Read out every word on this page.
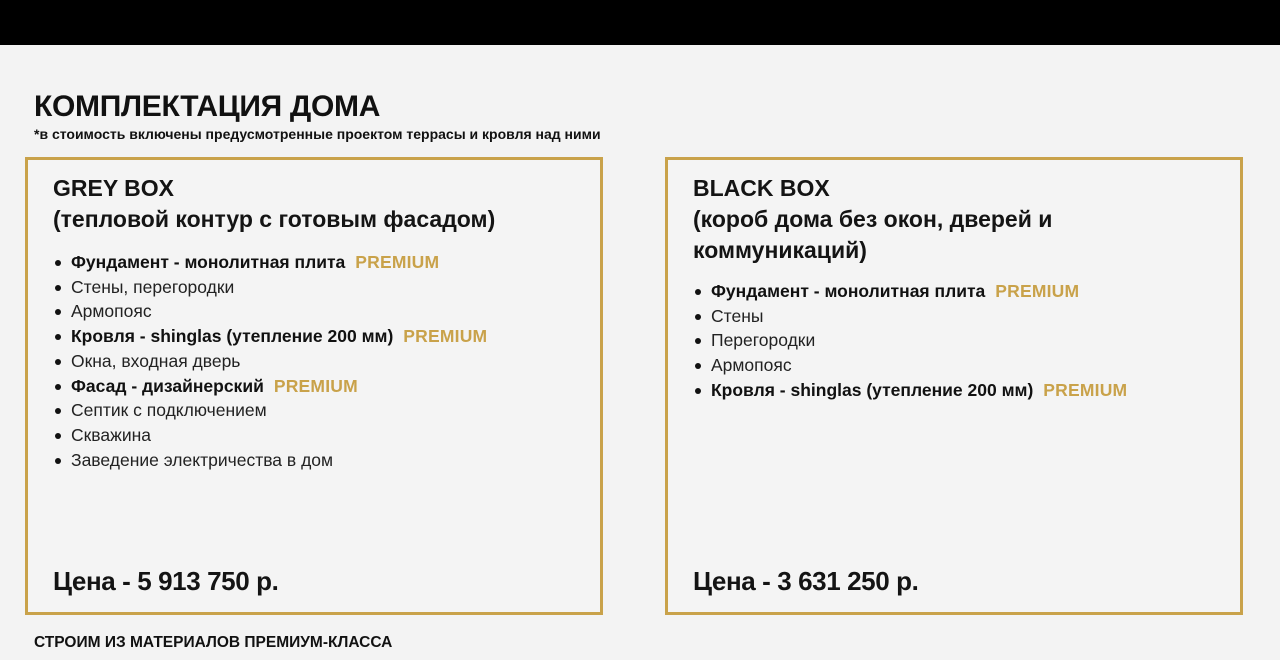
КОМПЛЕКТАЦИЯ ДОМА
*в стоимость включены предусмотренные проектом террасы и кровля над ними
GREY BOX
(тепловой контур с готовым фасадом)
Фундамент - монолитная плита PREMIUM
Стены, перегородки
Армопояс
Кровля - shinglas (утепление 200 мм) PREMIUM
Окна, входная дверь
Фасад - дизайнерский PREMIUM
Септик с подключением
Скважина
Заведение электричества в дом
Цена - 5 913 750 р.
BLACK BOX
(короб дома без окон, дверей и
коммуникаций)
Фундамент - монолитная плита PREMIUM
Стены
Перегородки
Армопояс
Кровля - shinglas (утепление 200 мм) PREMIUM
Цена - 3 631 250 р.
СТРОИМ ИЗ МАТЕРИАЛОВ ПРЕМИУМ-КЛАССА
